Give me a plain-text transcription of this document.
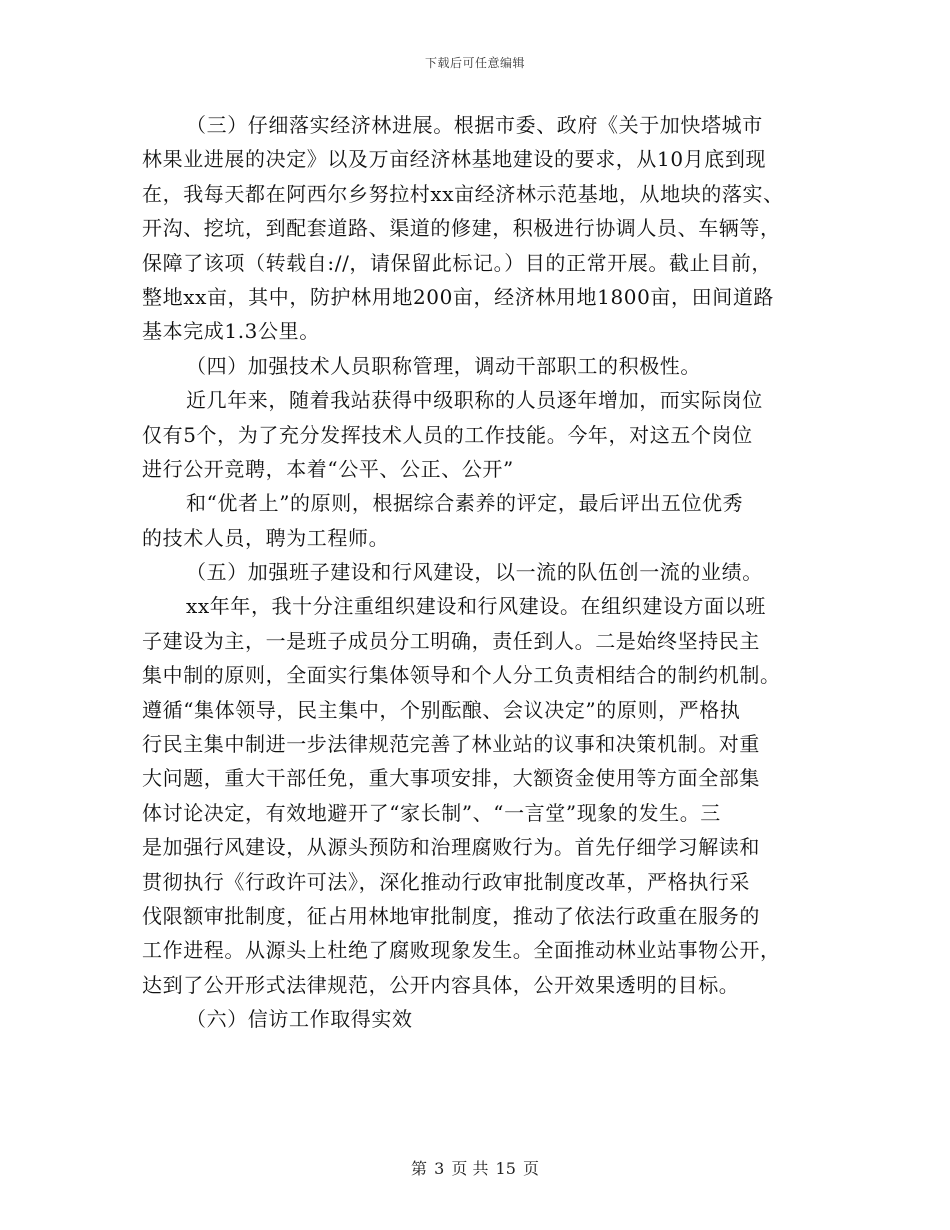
下载后可任意编辑
（三）仔细落实经济林进展。根据市委、政府《关于加快塔城市
林果业进展的决定》以及万亩经济林基地建设的要求，从10月底到现
在，我每天都在阿西尔乡努拉村xx亩经济林示范基地，从地块的落实、
开沟、挖坑，到配套道路、渠道的修建，积极进行协调人员、车辆等，
保障了该项（转载自://，请保留此标记。）目的正常开展。截止目前，
整地xx亩，其中，防护林用地200亩，经济林用地1800亩，田间道路
基本完成1.3公里。
（四）加强技术人员职称管理，调动干部职工的积极性。
近几年来，随着我站获得中级职称的人员逐年增加，而实际岗位
仅有5个，为了充分发挥技术人员的工作技能。今年，对这五个岗位
进行公开竞聘，本着“公平、公正、公开”
和“优者上”的原则，根据综合素养的评定，最后评出五位优秀
的技术人员，聘为工程师。
（五）加强班子建设和行风建设，以一流的队伍创一流的业绩。
xx年年，我十分注重组织建设和行风建设。在组织建设方面以班
子建设为主，一是班子成员分工明确，责任到人。二是始终坚持民主
集中制的原则，全面实行集体领导和个人分工负责相结合的制约机制。
遵循“集体领导，民主集中，个别酝酿、会议决定”的原则，严格执
行民主集中制进一步法律规范完善了林业站的议事和决策机制。对重
大问题，重大干部任免，重大事项安排，大额资金使用等方面全部集
体讨论决定，有效地避开了“家长制”、“一言堂”现象的发生。三
是加强行风建设，从源头预防和治理腐败行为。首先仔细学习解读和
贯彻执行《行政许可法》，深化推动行政审批制度改革，严格执行采
伐限额审批制度，征占用林地审批制度，推动了依法行政重在服务的
工作进程。从源头上杜绝了腐败现象发生。全面推动林业站事物公开，
达到了公开形式法律规范，公开内容具体，公开效果透明的目标。
（六）信访工作取得实效
第 3 页 共 15 页
